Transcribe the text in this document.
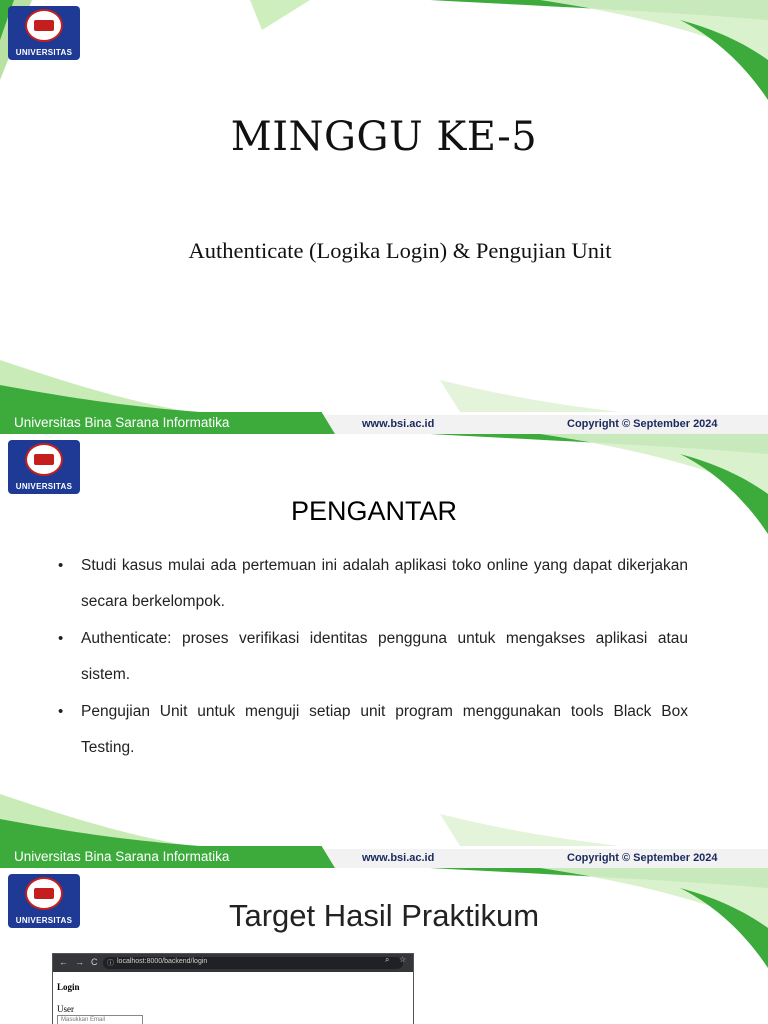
UNIVERSITAS
MINGGU KE-5
Authenticate (Logika Login) & Pengujian Unit
Universitas Bina Sarana Informatika	www.bsi.ac.id	Copyright © September 2024
UNIVERSITAS
PENGANTAR
• Studi kasus mulai ada pertemuan ini adalah aplikasi toko online yang dapat dikerjakan secara berkelompok.
• Authenticate: proses verifikasi identitas pengguna untuk mengakses aplikasi atau sistem.
• Pengujian Unit untuk menguji setiap unit program menggunakan tools Black Box Testing.
Universitas Bina Sarana Informatika	www.bsi.ac.id	Copyright © September 2024
UNIVERSITAS	Target Hasil Praktikum
← → C ⓘ localhost:8000/backend/login	⌕ ☆
Login
User
Masukkan Email
